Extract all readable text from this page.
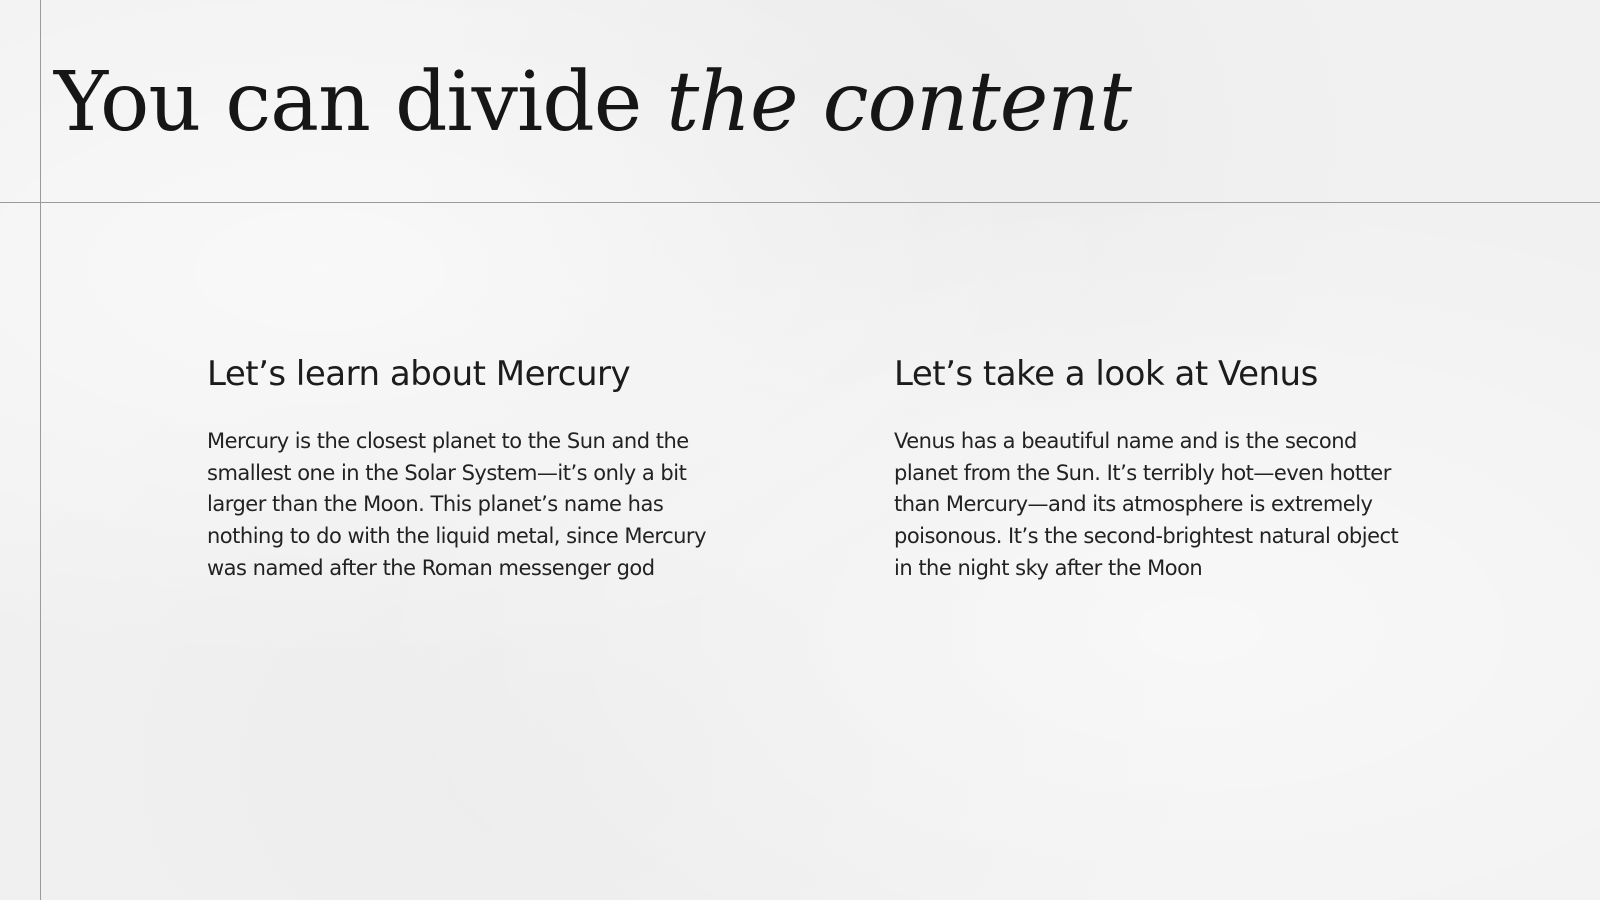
You can divide the content
Let’s learn about Mercury

Mercury is the closest planet to the Sun and the smallest one in the Solar System—it’s only a bit larger than the Moon. This planet’s name has nothing to do with the liquid metal, since Mercury was named after the Roman messenger god

Let’s take a look at Venus

Venus has a beautiful name and is the second planet from the Sun. It’s terribly hot—even hotter than Mercury—and its atmosphere is extremely poisonous. It’s the second-brightest natural object in the night sky after the Moon
